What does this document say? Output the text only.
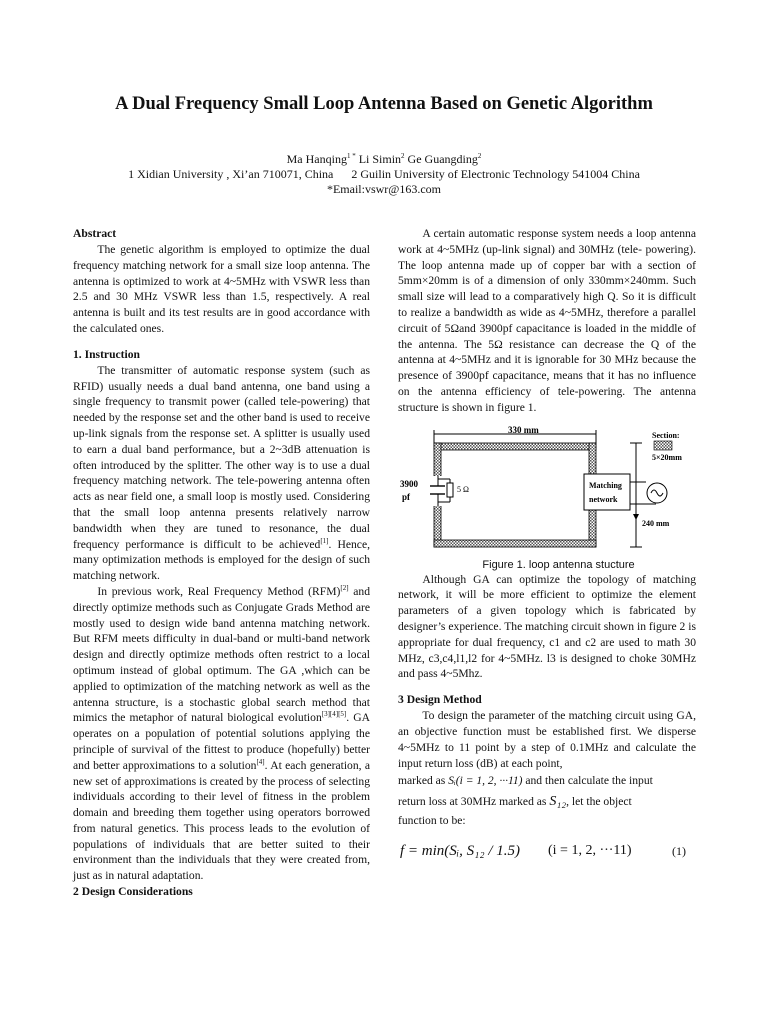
A Dual Frequency Small Loop Antenna Based on Genetic Algorithm
Ma Hanqing$^{1 *}$ Li Simin$^2$ Ge Guangding$^2$
1 Xidian University , Xi’an 710071, China      2 Guilin University of Electronic Technology 541004 China
*Email:vswr@163.com
Abstract

The genetic algorithm is employed to optimize the dual frequency matching network for a small size loop antenna. The antenna is optimized to work at 4~5MHz with VSWR less than 2.5 and 30 MHz VSWR less than 1.5, respectively. A real antenna is built and its test results are in good accordance with the calculated ones.

1. Instruction

The transmitter of automatic response system (such as RFID) usually needs a dual band antenna, one band using a single frequency to transmit power (called tele-powering) that needed by the response set and the other band is used to receive up-link signals from the response set. A splitter is usually used to earn a dual band performance, but a 2~3dB attenuation is often introduced by the splitter. The other way is to use a dual frequency matching network. The tele-powering antenna often acts as near field one, a small loop is mostly used. Considering that the small loop antenna presents relatively narrow bandwidth when they are tuned to resonance, the dual frequency performance is difficult to be achieved[1]. Hence, many optimization methods is employed for the design of such matching network.

In previous work, Real Frequency Method (RFM)[2] and directly optimize methods such as Conjugate Grads Method are mostly used to design wide band antenna matching network. But RFM meets difficulty in dual-band or multi-band network design and directly optimize methods often restrict to a local optimum instead of global optimum. The GA ,which can be applied to optimization of the matching network as well as the antenna structure, is a stochastic global search method that mimics the metaphor of natural biological evolution[3][4][5]. GA operates on a population of potential solutions applying the principle of survival of the fittest to produce (hopefully) better and better approximations to a solution[4]. At each generation, a new set of approximations is created by the process of selecting individuals according to their level of fitness in the problem domain and breeding them together using operators borrowed from natural genetics. This process leads to the evolution of populations of individuals that are better suited to their environment than the individuals that they were created from, just as in natural adaptation.

2 Design Considerations

A certain automatic response system needs a loop antenna work at 4~5MHz (up-link signal) and 30MHz (tele- powering). The loop antenna made up of copper bar with a section of 5mm×20mm is of a dimension of only 330mm×240mm. Such small size will lead to a comparatively high Q. So it is difficult to realize a bandwidth as wide as 4~5MHz, therefore a parallel circuit of 5Ωand 3900pf capacitance is loaded in the middle of the antenna. The 5Ω resistance can decrease the Q of the antenna at 4~5MHz and it is ignorable for 30 MHz because the presence of 3900pf capacitance, means that it has no influence on the antenna efficiency of tele-powering. The antenna structure is shown in figure 1.

330 mm
5 Ω
3900
pf
Matching
network
Section:
5×20mm
240 mm

Figure 1. loop antenna stucture

Although GA can optimize the topology of matching network, it will be more efficient to optimize the element parameters of a given topology which is fabricated by designer’s experience. The matching circuit shown in figure 2 is appropriate for dual frequency, c1 and c2 are used to math 30 MHz, c3,c4,l1,l2 for 4~5MHz. l3 is designed to choke 30MHz and pass 4~5Mhz.

3 Design Method

To design the parameter of the matching circuit using GA, an objective function must be established first. We disperse 4~5MHz to 11 point by a step of 0.1MHz and calculate the input return loss (dB) at each point,

marked as Sᵢ(i = 1, 2, ···11) and then calculate the input

return loss at 30MHz marked as S₁₂, let the object

function to be:

f = min(Sᵢ, S₁₂ / 1.5) (i = 1, 2, ···11)	(1)
